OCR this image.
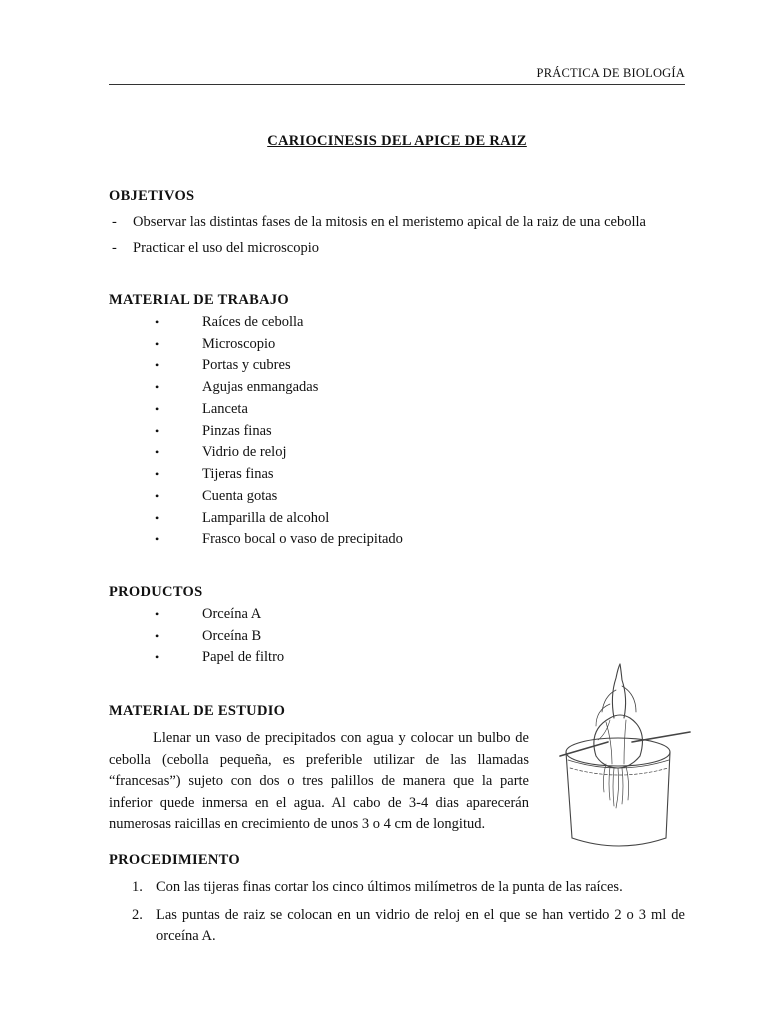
PRÁCTICA DE BIOLOGÍA
CARIOCINESIS DEL APICE DE RAIZ
OBJETIVOS
- Observar las distintas fases de la mitosis en el meristemo apical de la raiz de una cebolla
- Practicar el uso del microscopio
MATERIAL DE TRABAJO
•	Raíces de cebolla
•	Microscopio
•	Portas y cubres
•	Agujas enmangadas
•	Lanceta
•	Pinzas finas
•	Vidrio de reloj
•	Tijeras finas
•	Cuenta gotas
•	Lamparilla de alcohol
•	Frasco bocal o vaso de precipitado
PRODUCTOS
•	Orceína A
•	Orceína B
•	Papel de filtro
MATERIAL DE ESTUDIO
Llenar un vaso de precipitados con agua y colocar un bulbo de cebolla (cebolla pequeña, es preferible utilizar de las llamadas “francesas”) sujeto con dos o tres palillos de manera que la parte inferior quede inmersa en el agua. Al cabo de 3-4 dias aparecerán numerosas raicillas en crecimiento de unos 3 o 4 cm de longitud.
PROCEDIMIENTO
1. Con las tijeras finas cortar los cinco últimos milímetros de la punta de las raíces.
2. Las puntas de raiz se colocan en un vidrio de reloj en el que se han vertido 2 o 3 ml de orceína A.
